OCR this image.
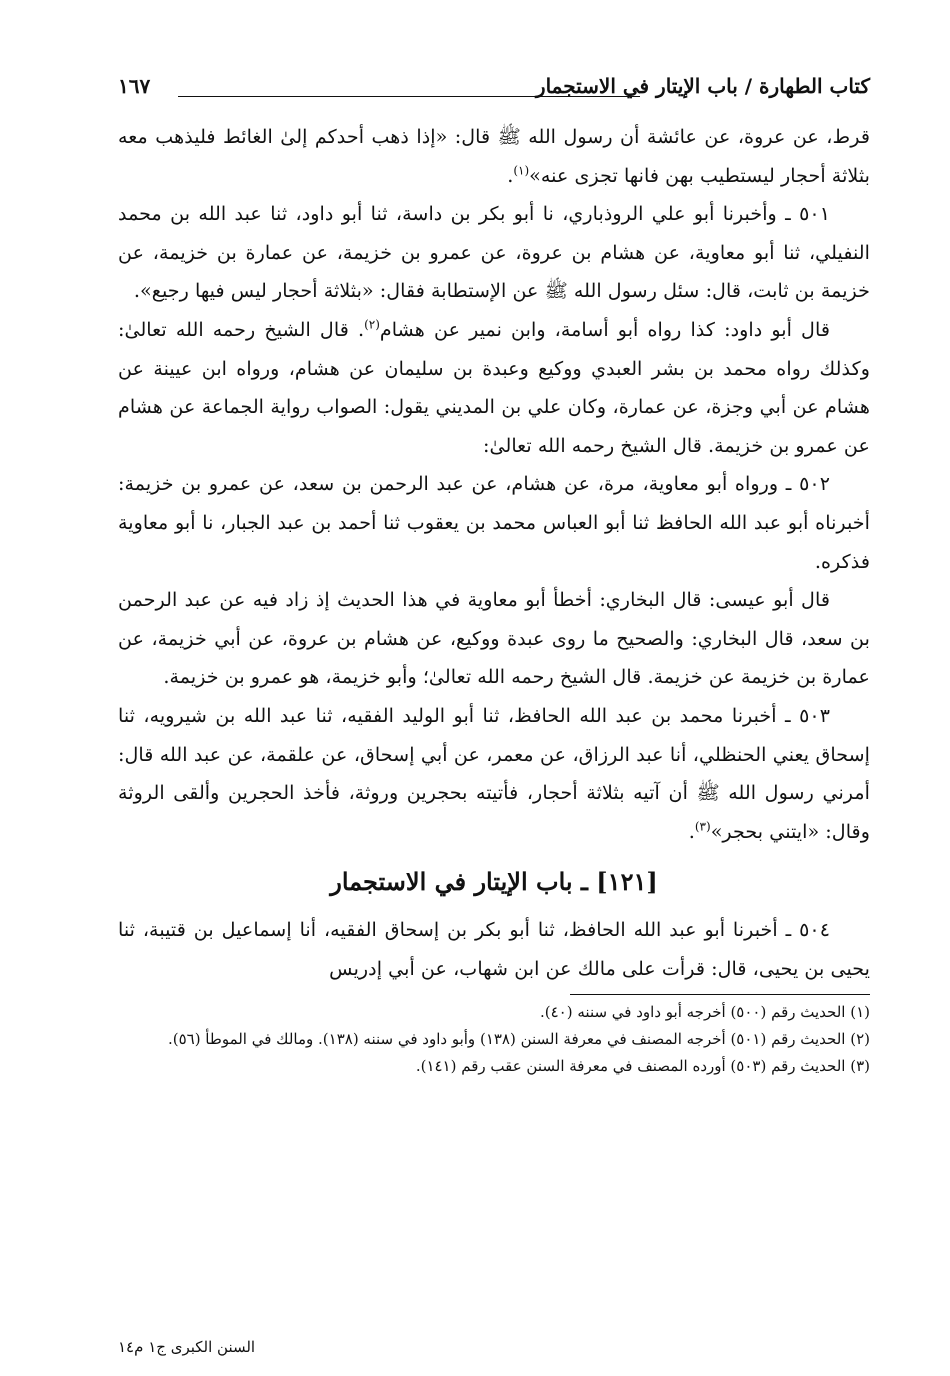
كتاب الطهارة / باب الإيتار في الاستجمار
١٦٧

قرط، عن عروة، عن عائشة أن رسول الله ﷺ قال: «إذا ذهب أحدكم إلىٰ الغائط فليذهب معه بثلاثة أحجار ليستطيب بهن فانها تجزى عنه»$^{(١)}$.

٥٠١ ـ وأخبرنا أبو علي الروذباري، نا أبو بكر بن داسة، ثنا أبو داود، ثنا عبد الله بن محمد النفيلي، ثنا أبو معاوية، عن هشام بن عروة، عن عمرو بن خزيمة، عن عمارة بن خزيمة، عن خزيمة بن ثابت، قال: سئل رسول الله ﷺ عن الإستطابة فقال: «بثلاثة أحجار ليس فيها رجيع».

قال أبو داود: كذا رواه أبو أسامة، وابن نمير عن هشام$^{(٢)}$. قال الشيخ رحمه الله تعالىٰ: وكذلك رواه محمد بن بشر العبدي ووكيع وعبدة بن سليمان عن هشام، ورواه ابن عيينة عن هشام عن أبي وجزة، عن عمارة، وكان علي بن المديني يقول: الصواب رواية الجماعة عن هشام عن عمرو بن خزيمة. قال الشيخ رحمه الله تعالىٰ:

٥٠٢ ـ ورواه أبو معاوية، مرة، عن هشام، عن عبد الرحمن بن سعد، عن عمرو بن خزيمة: أخبرناه أبو عبد الله الحافظ ثنا أبو العباس محمد بن يعقوب ثنا أحمد بن عبد الجبار، نا أبو معاوية فذكره.

قال أبو عيسى: قال البخاري: أخطأ أبو معاوية في هذا الحديث إذ زاد فيه عن عبد الرحمن بن سعد، قال البخاري: والصحيح ما روى عبدة ووكيع، عن هشام بن عروة، عن أبي خزيمة، عن عمارة بن خزيمة عن خزيمة. قال الشيخ رحمه الله تعالىٰ؛ وأبو خزيمة، هو عمرو بن خزيمة.

٥٠٣ ـ أخبرنا محمد بن عبد الله الحافظ، ثنا أبو الوليد الفقيه، ثنا عبد الله بن شيرويه، ثنا إسحاق يعني الحنظلي، أنا عبد الرزاق، عن معمر، عن أبي إسحاق، عن علقمة، عن عبد الله قال: أمرني رسول الله ﷺ أن آتيه بثلاثة أحجار، فأتيته بحجرين وروثة، فأخذ الحجرين وألقى الروثة وقال: «ايتني بحجر»$^{(٣)}$.

[١٢١] ـ باب الإيتار في الاستجمار

٥٠٤ ـ أخبرنا أبو عبد الله الحافظ، ثنا أبو بكر بن إسحاق الفقيه، أنا إسماعيل بن قتيبة، ثنا يحيى بن يحيى، قال: قرأت على مالك عن ابن شهاب، عن أبي إدريس

(١) الحديث رقم (٥٠٠) أخرجه أبو داود في سننه (٤٠).

(٢) الحديث رقم (٥٠١) أخرجه المصنف في معرفة السنن (١٣٨) وأبو داود في سننه (١٣٨). ومالك في الموطأ (٥٦).

(٣) الحديث رقم (٥٠٣) أورده المصنف في معرفة السنن عقب رقم (١٤١).

السنن الكبرى ج١ م١٤
